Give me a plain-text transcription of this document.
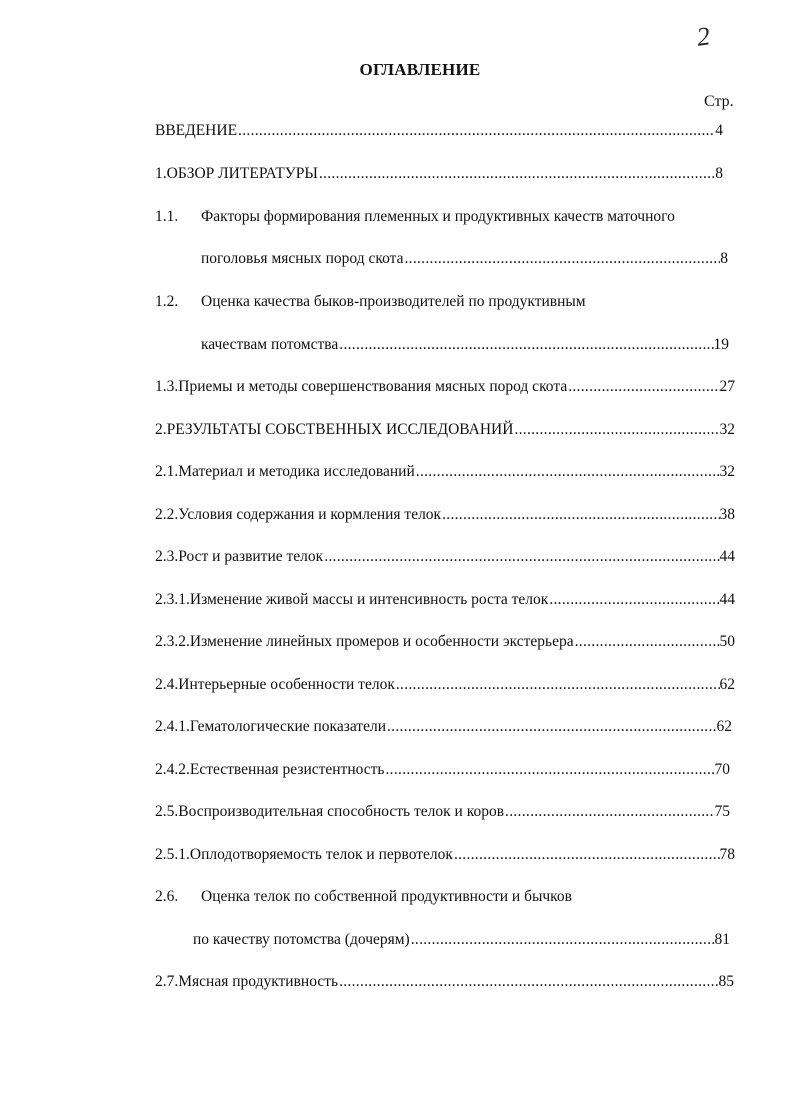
2
ОГЛАВЛЕНИЕ
Стр.
ВВЕДЕНИЕ .....	4
1. ОБЗОР ЛИТЕРАТУРЫ .....	8
1.1.	Факторы формирования племенных и продуктивных качеств маточного
поголовья мясных пород скота .....	8
1.2.	Оценка качества быков-производителей по продуктивным
качествам потомства .....	19
1.3. Приемы и методы совершенствования мясных пород скота .....	27
2. РЕЗУЛЬТАТЫ СОБСТВЕННЫХ ИССЛЕДОВАНИЙ .....	32
2.1. Материал и методика исследований .....	32
2.2. Условия содержания и кормления телок .....	38
2.3. Рост и развитие телок .....	44
2.3.1. Изменение живой массы и интенсивность роста телок .....	44
2.3.2. Изменение линейных промеров и особенности экстерьера .....	50
2.4. Интерьерные особенности телок .....	62
2.4.1. Гематологические показатели .....	62
2.4.2. Естественная резистентность .....	70
2.5. Воспроизводительная способность телок и коров .....	75
2.5.1. Оплодотворяемость телок и первотелок .....	78
2.6.	Оценка телок по собственной продуктивности и бычков
по качеству потомства (дочерям) .....	81
2.7. Мясная продуктивность .....	85
